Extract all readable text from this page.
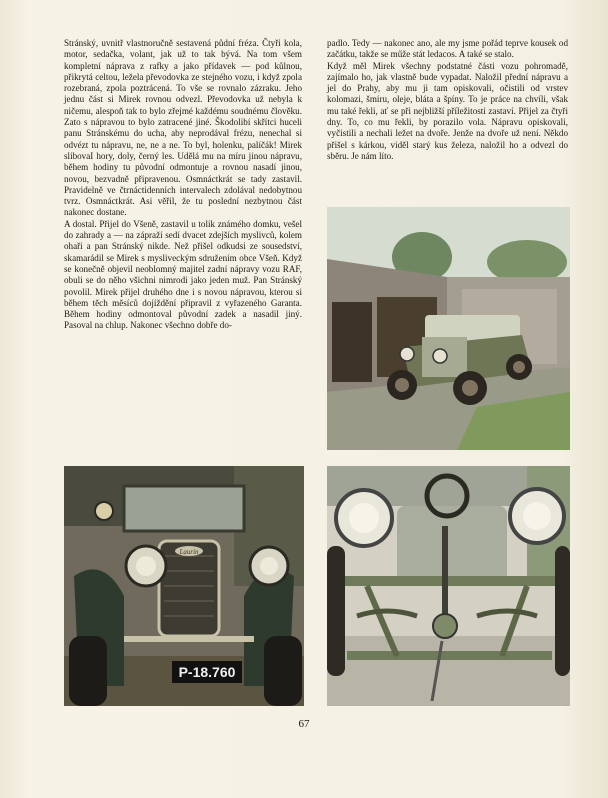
Stránský, uvnitř vlastnoručně sestavená půdní fréza. Čtyři kola, motor, sedačka, volant, jak už to tak bývá. Na tom všem kompletní náprava z rafky a jako přídavek — pod kůlnou, přikrytá celtou, ležela převodovka ze stejného vozu, i když zpola rozebraná, zpola poztrácená. To vše se rovnalo zázraku. Jeho jednu část si Mirek rovnou odvezl. Převodovka už nebyla k ničemu, alespoň tak to bylo zřejmé každému soudnému člověku. Zato s nápravou to bylo zatracené jiné. Škodolibí skřítci huceli panu Stránskému do ucha, aby neprodával frézu, nenechal si odvézt tu nápravu, ne, ne a ne. To byl, holenku, palíčák! Mirek slibovaI hory, doly, černý les. Udělá mu na míru jinou nápravu, během hodiny tu původní odmontuje a rovnou nasadí jinou, novou, bezvadně připravenou. Osmnáctkrát se tady zastavil. Pravidelně ve čtrnáctidenních intervalech zdolával nedobytnou tvrz. Osmnáctkrát. Asi věřil, že tu poslední nezbytnou část nakonec dostane.

A dostal. Přijel do Všeně, zastavil u tolik známého domku, vešel do zahrady a — na zápraží sedí dvacet zdejších myslivců, kolem ohaři a pan Stránský nikde. Než přišel odkudsi ze sousedství, skamarádil se Mirek s mysliveckým sdružením obce Všeň. Když se konečně objevil neoblomný majitel zadní nápravy vozu RAF, obuli se do něho všichni nimrodi jako jeden muž. Pan Stránský povolil. Mirek přijel druhého dne i s novou nápravou, kterou si během těch měsíců dojíždění připravil z vyřazeného Garanta. Během hodiny odmontoval původní zadek a nasadil jiný. Pasoval na chlup. Nakonec všechno dobře do-

padlo. Tedy — nakonec ano, ale my jsme pořád teprve kousek od začátku, takže se műže stát ledacos. A také se stalo.

Když měl Mirek všechny podstatné části vozu pohromadě, zajímalo ho, jak vlastně bude vypadat. Naložil přední nápravu a jel do Prahy, aby mu ji tam opiskovali, očistili od vrstev kolomazi, šmíru, oleje, bláta a špíny. To je práce na chvíli, však mu také řekli, ať se při nejbližší příležitosti zastaví. Přijel za čtyři dny. To, co mu řekli, by porazilo vola. Nápravu opiskovali, vyčistili a nechali ležet na dvoře. Jenže na dvoře už není. Někdo přišel s kárkou, viděl starý kus železa, naložil ho a odvezl do sběru. Je nám líto.

Laurin
P-18.760
67
